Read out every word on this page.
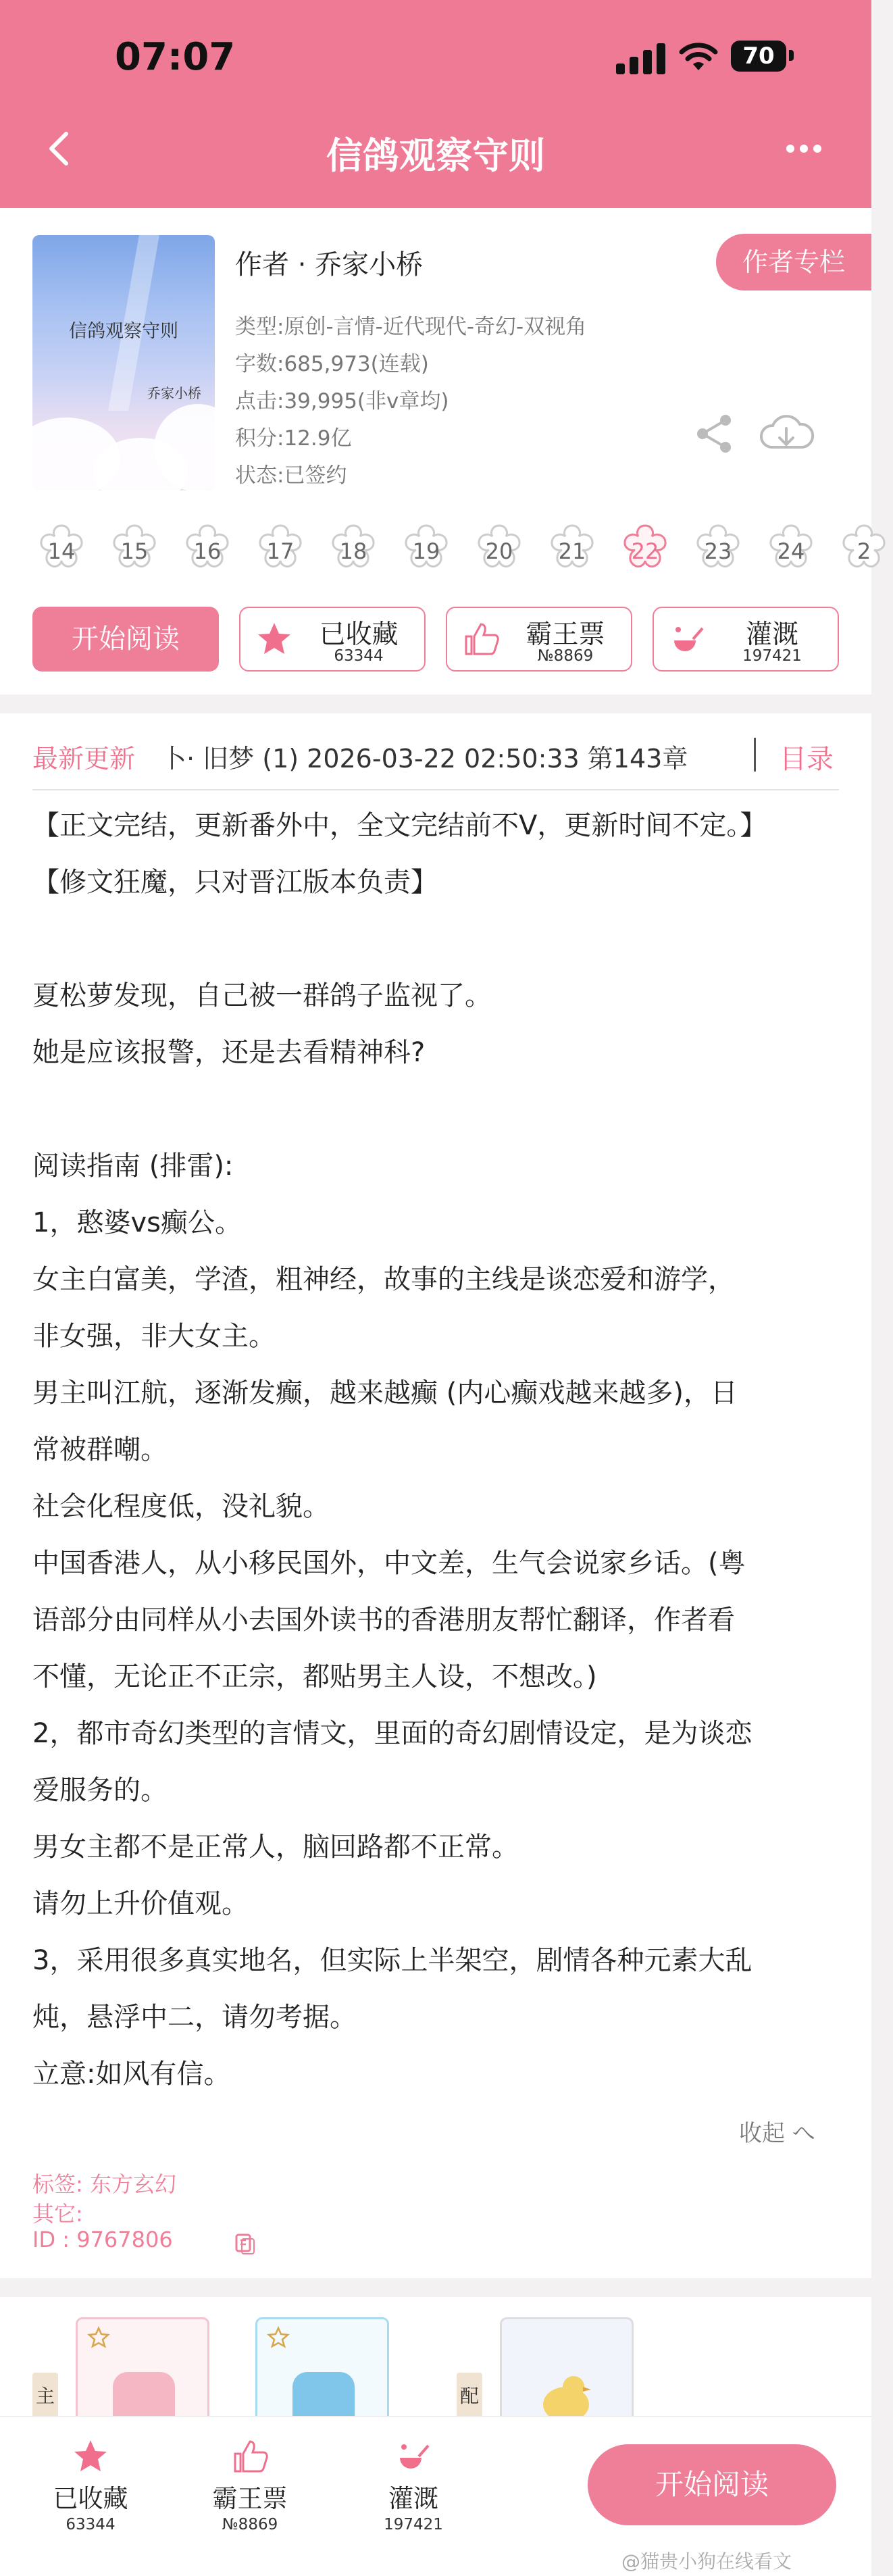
07:07	70
信鸽观察守则
信鸽观察守则
乔家小桥
作者 · 乔家小桥	作者专栏
类型:原创-言情-近代现代-奇幻-双视角
字数:685,973(连载)
点击:39,995(非v章均)
积分:12.9亿
状态:已签约
14	15	16	17	18	19	20	21	22	23	24	2
开始阅读	已收藏
63344
霸王票
№8869
灌溉
197421
最新更新 卜· 旧梦 (1) 2026-03-22 02:50:33 第143章	目录
【正文完结，更新番外中，全文完结前不V，更新时间不定。】
【修文狂魔，只对晋江版本负责】
夏松萝发现，自己被一群鸽子监视了。
她是应该报警，还是去看精神科?
阅读指南 (排雷):
1，憨婆vs癫公。
女主白富美，学渣，粗神经，故事的主线是谈恋爱和游学，
非女强，非大女主。
男主叫江航，逐渐发癫，越来越癫 (内心癫戏越来越多)，日
常被群嘲。
社会化程度低，没礼貌。
中国香港人，从小移民国外，中文差，生气会说家乡话。(粤
语部分由同样从小去国外读书的香港朋友帮忙翻译，作者看
不懂，无论正不正宗，都贴男主人设，不想改。)
2，都市奇幻类型的言情文，里面的奇幻剧情设定，是为谈恋
爱服务的。
男女主都不是正常人，脑回路都不正常。
请勿上升价值观。
3，采用很多真实地名，但实际上半架空，剧情各种元素大乱
炖，悬浮中二，请勿考据。
立意:如风有信。
收起 へ
标签: 东方玄幻
其它:
ID : 9767806
主	配
已收藏
63344
霸王票
№8869
灌溉
197421
开始阅读
@猫贵小狗在线看文
